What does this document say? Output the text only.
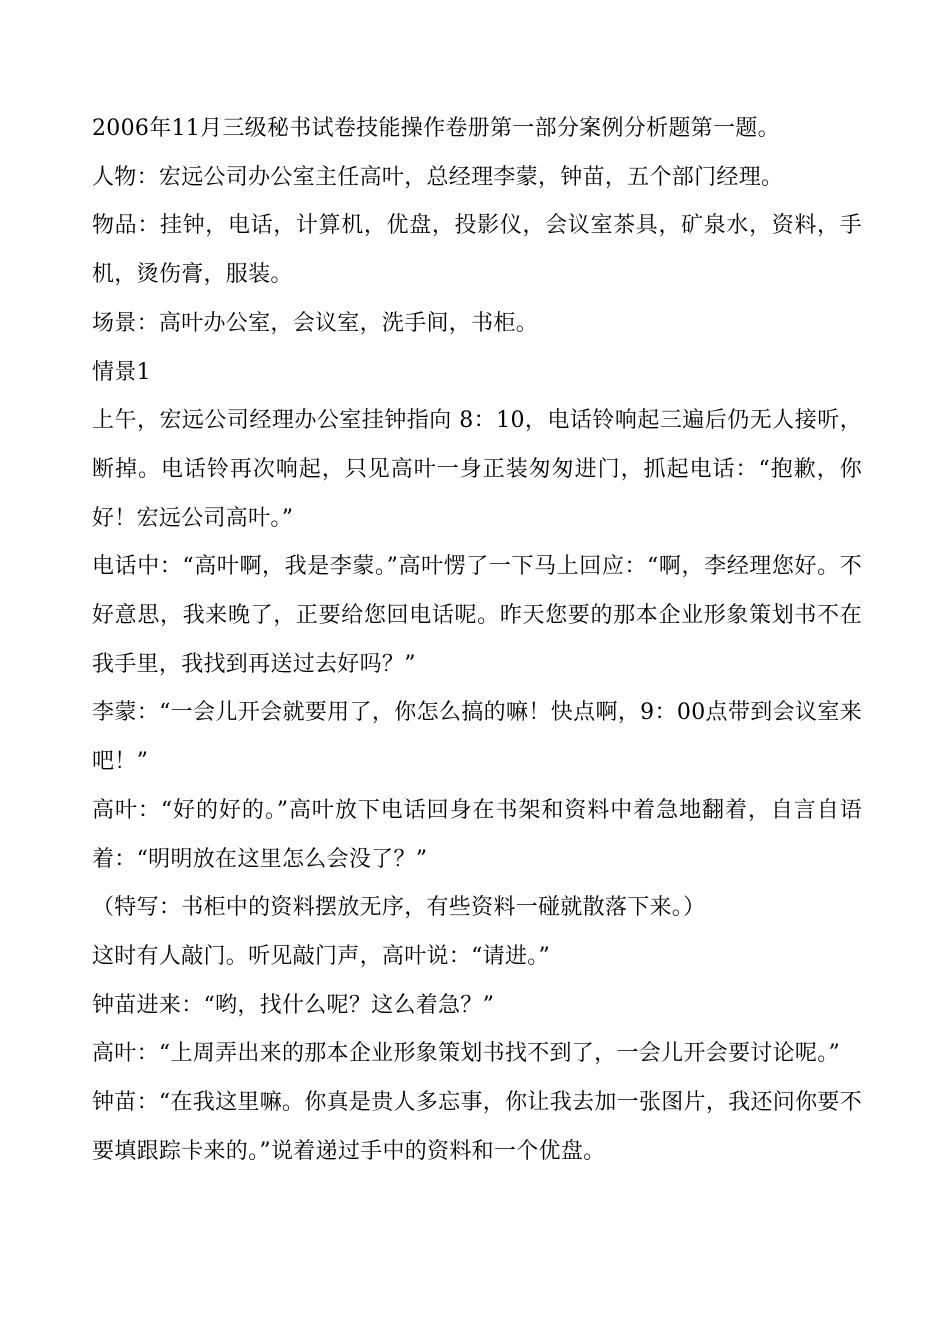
2006年11月三级秘书试卷技能操作卷册第一部分案例分析题第一题。

人物：宏远公司办公室主任高叶，总经理李蒙，钟苗，五个部门经理。

物品：挂钟，电话，计算机，优盘，投影仪，会议室茶具，矿泉水，资料，手机，烫伤膏，服装。

场景：高叶办公室，会议室，洗手间，书柜。

情景1

上午，宏远公司经理办公室挂钟指向 8：10，电话铃响起三遍后仍无人接听，断掉。电话铃再次响起，只见高叶一身正装匆匆进门，抓起电话：“抱歉，你好！宏远公司高叶。”

电话中：“高叶啊，我是李蒙。”高叶愣了一下马上回应：“啊，李经理您好。不好意思，我来晚了，正要给您回电话呢。昨天您要的那本企业形象策划书不在我手里，我找到再送过去好吗？”

李蒙：“一会儿开会就要用了，你怎么搞的嘛！快点啊，9：00点带到会议室来吧！”

高叶：“好的好的。”高叶放下电话回身在书架和资料中着急地翻着，自言自语着：“明明放在这里怎么会没了？”

（特写：书柜中的资料摆放无序，有些资料一碰就散落下来。）

这时有人敲门。听见敲门声，高叶说：“请进。”

钟苗进来：“哟，找什么呢？这么着急？”

高叶：“上周弄出来的那本企业形象策划书找不到了，一会儿开会要讨论呢。”

钟苗：“在我这里嘛。你真是贵人多忘事，你让我去加一张图片，我还问你要不要填跟踪卡来的。”说着递过手中的资料和一个优盘。
